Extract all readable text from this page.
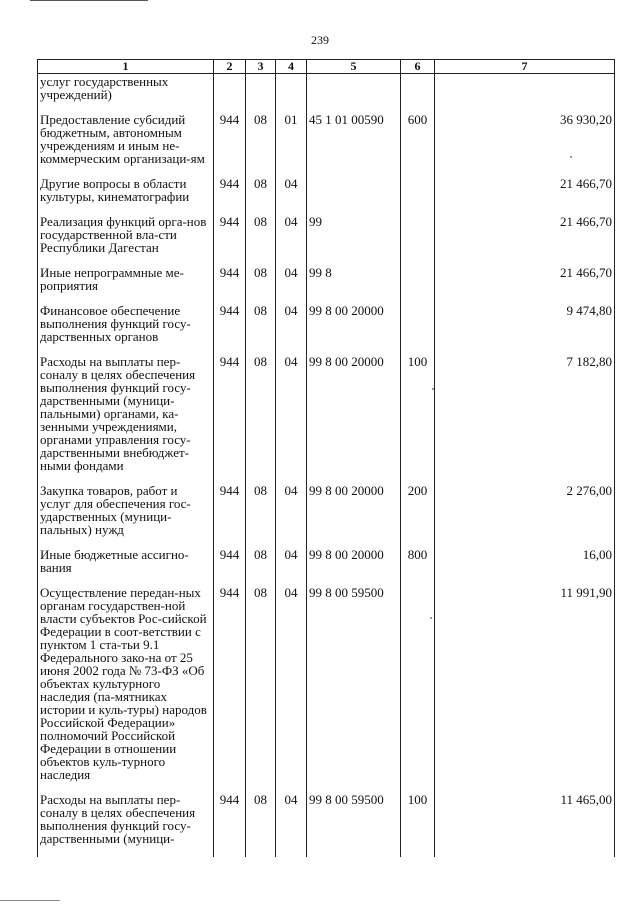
239
1	2	3	4	5	6	7
услуг государственных учреждений)						
Предоставление субсидий бюджетным, автономным учреждениям и иным не-коммерческим организаци-ям	944	08	01	45 1 01 00590	600	36 930,20
Другие вопросы в области культуры, кинематографии	944	08	04			21 466,70
Реализация функций орга-нов государственной вла-сти Республики Дагестан	944	08	04	99		21 466,70
Иные непрограммные ме-роприятия	944	08	04	99 8		21 466,70
Финансовое обеспечение выполнения функций госу-дарственных органов	944	08	04	99 8 00 20000		9 474,80
Расходы на выплаты пер-соналу в целях обеспечения выполнения функций госу-дарственными (муници-пальными) органами, ка-зенными учреждениями, органами управления госу-дарственными внебюджет-ными фондами	944	08	04	99 8 00 20000	100	7 182,80
Закупка товаров, работ и услуг для обеспечения гос-ударственных (муници-пальных) нужд	944	08	04	99 8 00 20000	200	2 276,00
Иные бюджетные ассигно-вания	944	08	04	99 8 00 20000	800	16,00
Осуществление передан-ных органам государствен-ной власти субъектов Рос-сийской Федерации в соот-ветствии с пунктом 1 ста-тьи 9.1 Федерального зако-на от 25 июня 2002 года № 73-ФЗ «Об объектах культурного наследия (па-мятниках истории и куль-туры) народов Российской Федерации» полномочий Российской Федерации в отношении объектов куль-турного наследия	944	08	04	99 8 00 59500		11 991,90
Расходы на выплаты пер-соналу в целях обеспечения выполнения функций госу-дарственными (муници-	944	08	04	99 8 00 59500	100	11 465,00
